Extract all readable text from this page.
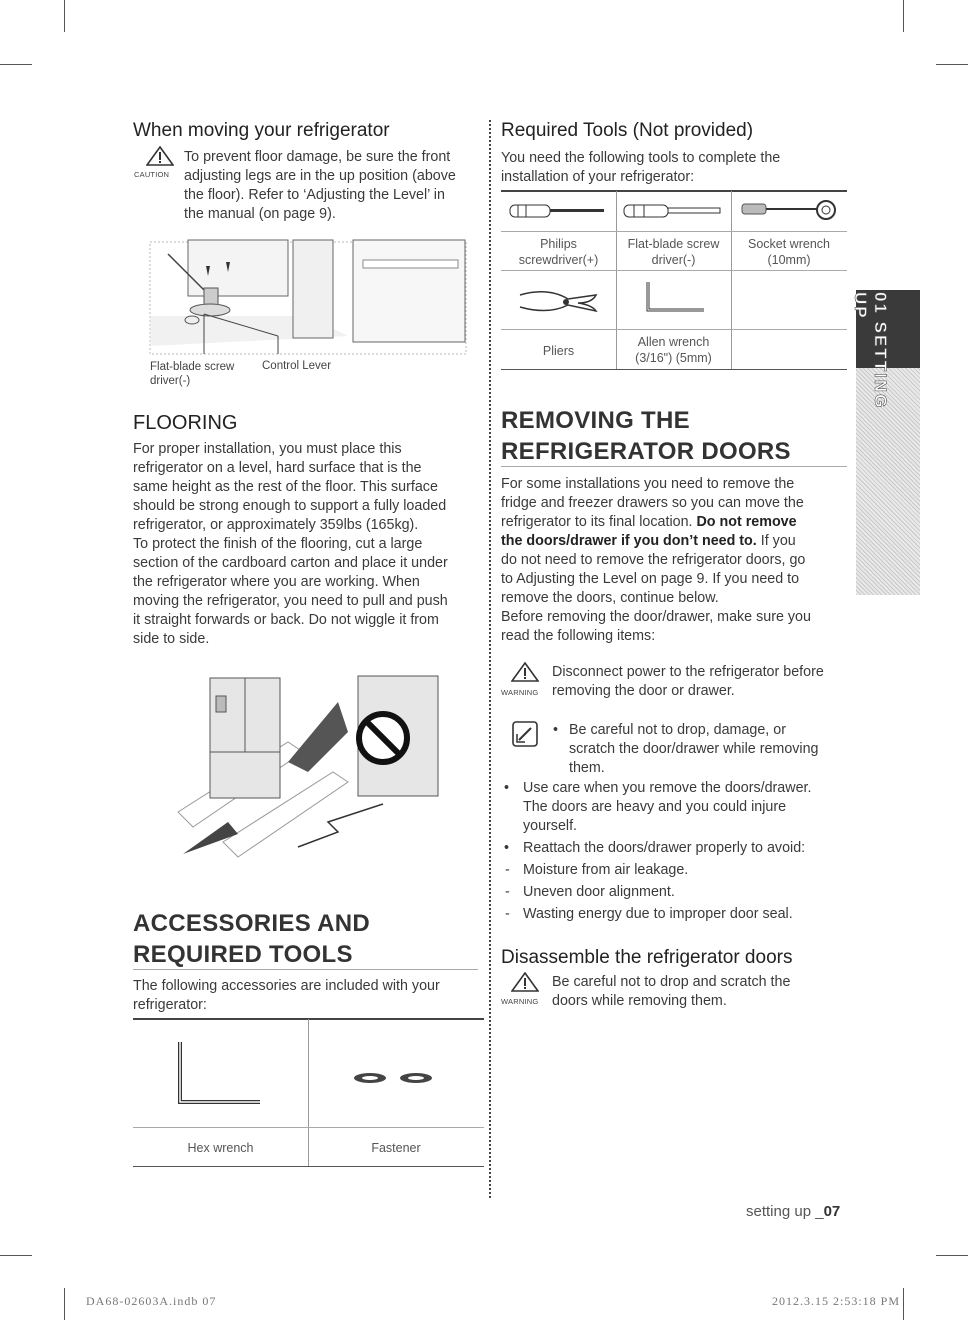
When moving your refrigerator
CAUTION
To prevent floor damage, be sure the front
adjusting legs are in the up position (above
the floor). Refer to ‘Adjusting the Level’ in
the manual (on page 9).
Flat-blade screw
driver(-)
Control Lever
FLOORING
For proper installation, you must place this
refrigerator on a level, hard surface that is the
same height as the rest of the floor. This surface
should be strong enough to support a fully loaded
refrigerator, or approximately 359lbs (165kg).
To protect the finish of the flooring, cut a large
section of the cardboard carton and place it under
the refrigerator where you are working. When
moving the refrigerator, you need to pull and push
it straight forwards or back. Do not wiggle it from
side to side.
ACCESSORIES AND
REQUIRED TOOLS
The following accessories are included with your
refrigerator:
Hex wrench	Fastener
Required Tools (Not provided)
You need the following tools to complete the
installation of your refrigerator:
Philips
screwdriver(+)
Flat-blade screw
driver(-)
Socket wrench
(10mm)
Pliers
Allen wrench
(3/16") (5mm)
REMOVING THE
REFRIGERATOR DOORS
For some installations you need to remove the
fridge and freezer drawers so you can move the
refrigerator to its final location. Do not remove
the doors/drawer if you don’t need to. If you
do not need to remove the refrigerator doors, go
to Adjusting the Level on page 9. If you need to
remove the doors, continue below.
Before removing the door/drawer, make sure you
read the following items:
WARNING
Disconnect power to the refrigerator before
removing the door or drawer.
• Be careful not to drop, damage, or
scratch the door/drawer while removing
them.
• Use care when you remove the doors/drawer.
The doors are heavy and you could injure
yourself.
• Reattach the doors/drawer properly to avoid:
- Moisture from air leakage.
- Uneven door alignment.
- Wasting energy due to improper door seal.
Disassemble the refrigerator doors
WARNING
Be careful not to drop and scratch the
doors while removing them.
01 SETTING UP
setting up _07
DA68-02603A.indb 07	2012.3.15 2:53:18 PM
